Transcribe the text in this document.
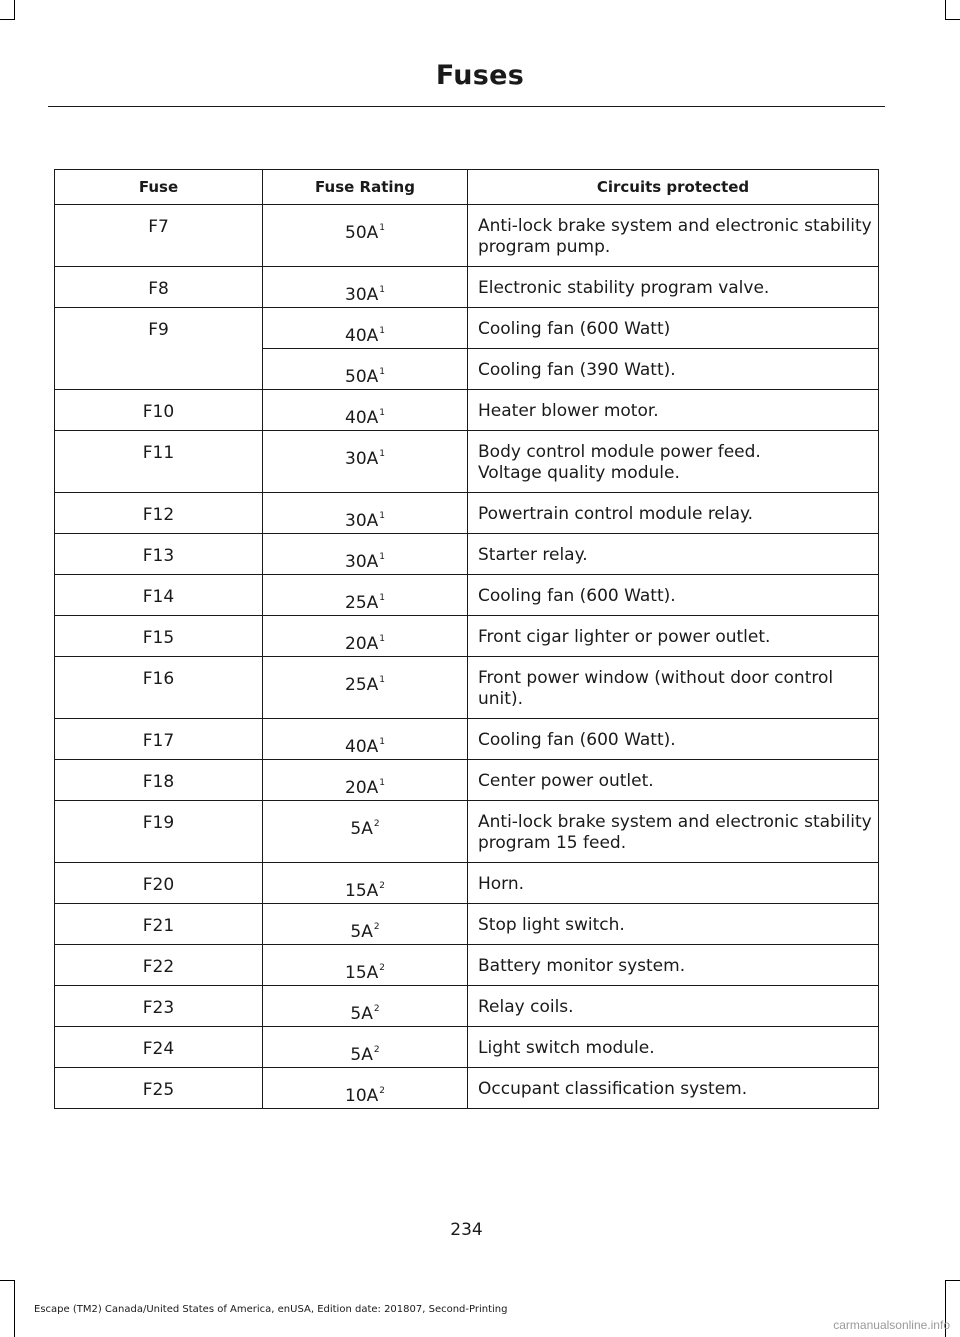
Fuses
Fuse	Fuse Rating	Circuits protected
F7	$50A^1$	Anti-lock brake system and electronic stability program pump.
F8	$30A^1$	Electronic stability program valve.
F9	$40A^1$	Cooling fan (600 Watt)
	$50A^1$	Cooling fan (390 Watt).
F10	$40A^1$	Heater blower motor.
F11	$30A^1$	Body control module power feed.
Voltage quality module.
F12	$30A^1$	Powertrain control module relay.
F13	$30A^1$	Starter relay.
F14	$25A^1$	Cooling fan (600 Watt).
F15	$20A^1$	Front cigar lighter or power outlet.
F16	$25A^1$	Front power window (without door control unit).
F17	$40A^1$	Cooling fan (600 Watt).
F18	$20A^1$	Center power outlet.
F19	$5A^2$	Anti-lock brake system and electronic stability program 15 feed.
F20	$15A^2$	Horn.
F21	$5A^2$	Stop light switch.
F22	$15A^2$	Battery monitor system.
F23	$5A^2$	Relay coils.
F24	$5A^2$	Light switch module.
F25	$10A^2$	Occupant classification system.
234
Escape (TM2) Canada/United States of America, enUSA, Edition date: 201807, Second-Printing
carmanualsonline.info
